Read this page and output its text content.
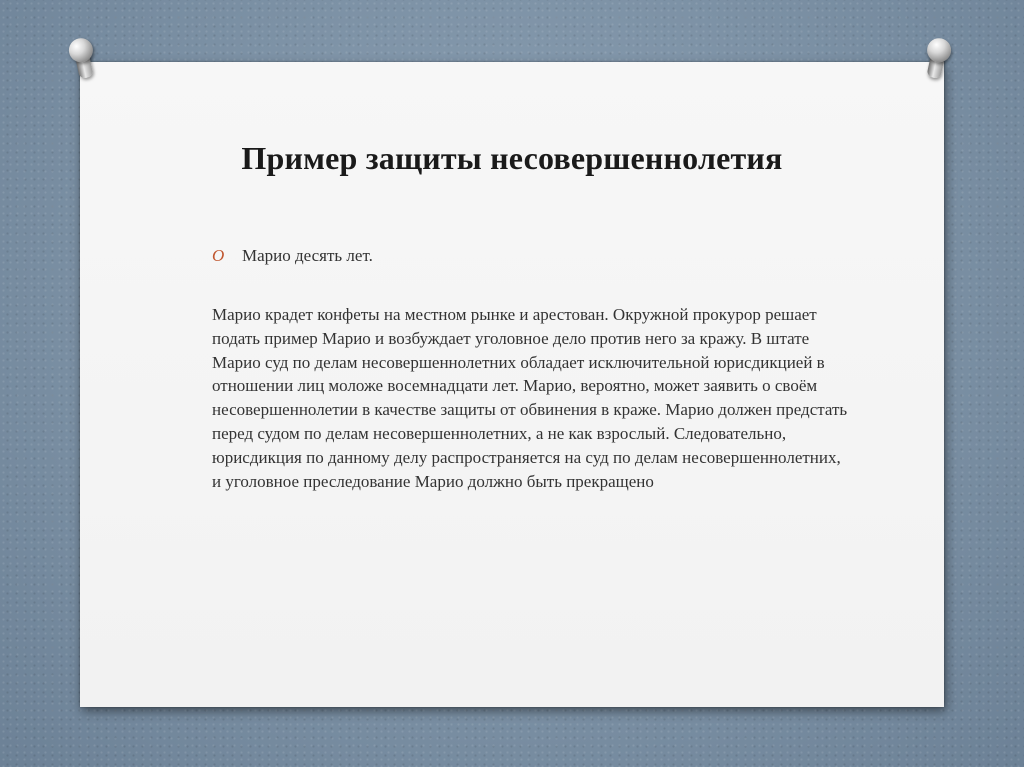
Пример защиты несовершеннолетия
O	Марио десять лет.

Марио крадет конфеты на местном рынке и арестован. Окружной прокурор решает подать пример Марио и возбуждает уголовное дело против него за кражу. В штате Марио суд по делам несовершеннолетних обладает исключительной юрисдикцией в отношении лиц моложе восемнадцати лет. Марио, вероятно, может заявить о своём несовершеннолетии в качестве защиты от обвинения в краже. Марио должен предстать перед судом по делам несовершеннолетних, а не как взрослый. Следовательно, юрисдикция по данному делу распространяется на суд по делам несовершеннолетних, и уголовное преследование Марио должно быть прекращено
